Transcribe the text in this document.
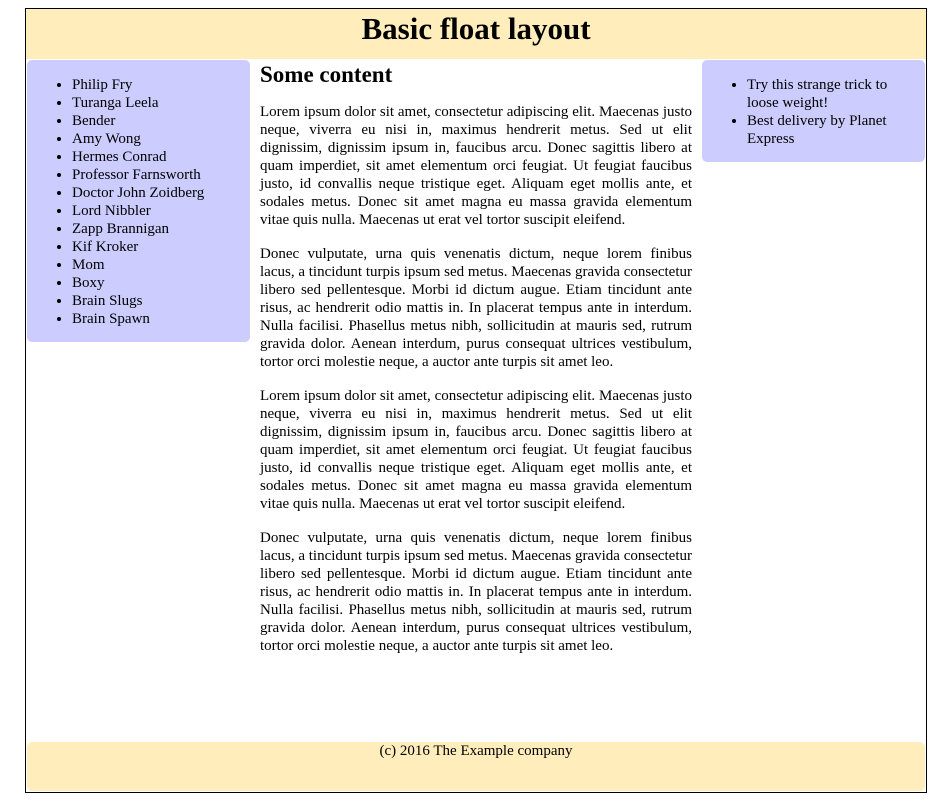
Basic float layout
• Philip Fry
• Turanga Leela
• Bender
• Amy Wong
• Hermes Conrad
• Professor Farnsworth
• Doctor John Zoidberg
• Lord Nibbler
• Zapp Brannigan
• Kif Kroker
• Mom
• Boxy
• Brain Slugs
• Brain Spawn
Some content

Lorem ipsum dolor sit amet, consectetur adipiscing elit. Maecenas justo neque, viverra eu nisi in, maximus hendrerit metus. Sed ut elit dignissim, dignissim ipsum in, faucibus arcu. Donec sagittis libero at quam imperdiet, sit amet elementum orci feugiat. Ut feugiat faucibus justo, id convallis neque tristique eget. Aliquam eget mollis ante, et sodales metus. Donec sit amet magna eu massa gravida elementum vitae quis nulla. Maecenas ut erat vel tortor suscipit eleifend.

Donec vulputate, urna quis venenatis dictum, neque lorem finibus lacus, a tincidunt turpis ipsum sed metus. Maecenas gravida consectetur libero sed pellentesque. Morbi id dictum augue. Etiam tincidunt ante risus, ac hendrerit odio mattis in. In placerat tempus ante in interdum. Nulla facilisi. Phasellus metus nibh, sollicitudin at mauris sed, rutrum gravida dolor. Aenean interdum, purus consequat ultrices vestibulum, tortor orci molestie neque, a auctor ante turpis sit amet leo.

Lorem ipsum dolor sit amet, consectetur adipiscing elit. Maecenas justo neque, viverra eu nisi in, maximus hendrerit metus. Sed ut elit dignissim, dignissim ipsum in, faucibus arcu. Donec sagittis libero at quam imperdiet, sit amet elementum orci feugiat. Ut feugiat faucibus justo, id convallis neque tristique eget. Aliquam eget mollis ante, et sodales metus. Donec sit amet magna eu massa gravida elementum vitae quis nulla. Maecenas ut erat vel tortor suscipit eleifend.

Donec vulputate, urna quis venenatis dictum, neque lorem finibus lacus, a tincidunt turpis ipsum sed metus. Maecenas gravida consectetur libero sed pellentesque. Morbi id dictum augue. Etiam tincidunt ante risus, ac hendrerit odio mattis in. In placerat tempus ante in interdum. Nulla facilisi. Phasellus metus nibh, sollicitudin at mauris sed, rutrum gravida dolor. Aenean interdum, purus consequat ultrices vestibulum, tortor orci molestie neque, a auctor ante turpis sit amet leo.

• Try this strange trick to loose weight!
• Best delivery by Planet Express

(c) 2016 The Example company
